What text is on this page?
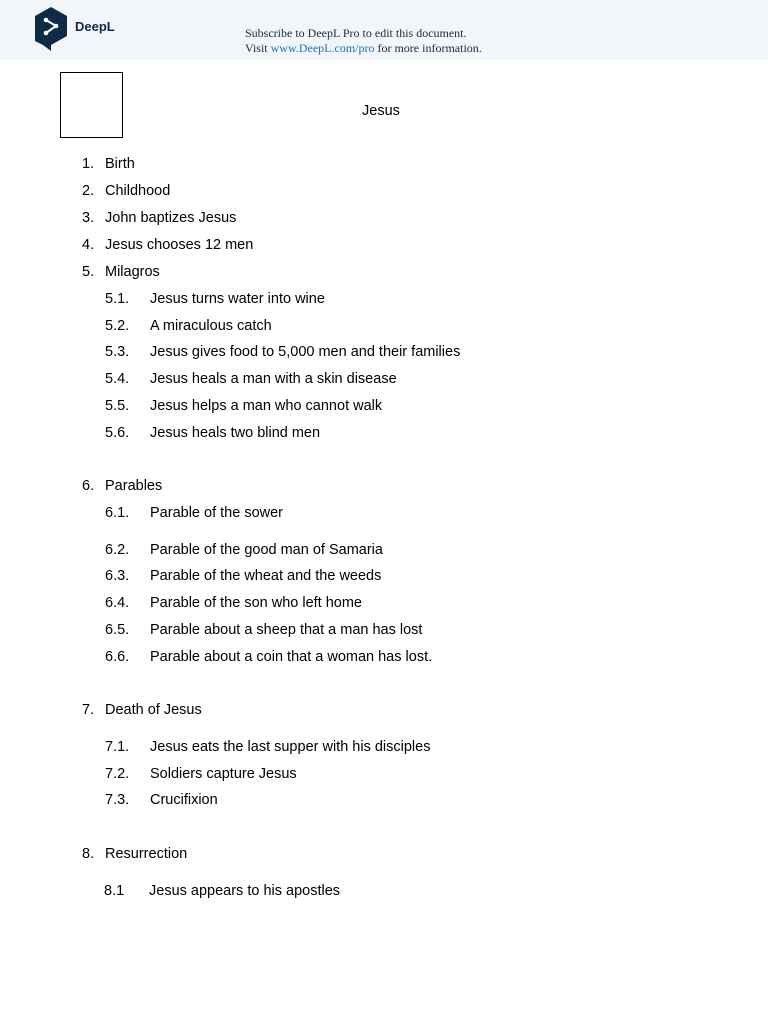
DeepL	Subscribe to DeepL Pro to edit this document.
Visit www.DeepL.com/pro for more information.
Jesus
1. Birth
2. Childhood
3. John baptizes Jesus
4. Jesus chooses 12 men
5. Milagros
5.1. Jesus turns water into wine
5.2. A miraculous catch
5.3. Jesus gives food to 5,000 men and their families
5.4. Jesus heals a man with a skin disease
5.5. Jesus helps a man who cannot walk
5.6. Jesus heals two blind men
6. Parables
6.1. Parable of the sower
6.2. Parable of the good man of Samaria
6.3. Parable of the wheat and the weeds
6.4. Parable of the son who left home
6.5. Parable about a sheep that a man has lost
6.6. Parable about a coin that a woman has lost.
7. Death of Jesus
7.1. Jesus eats the last supper with his disciples
7.2. Soldiers capture Jesus
7.3. Crucifixion
8. Resurrection
8.1 Jesus appears to his apostles
